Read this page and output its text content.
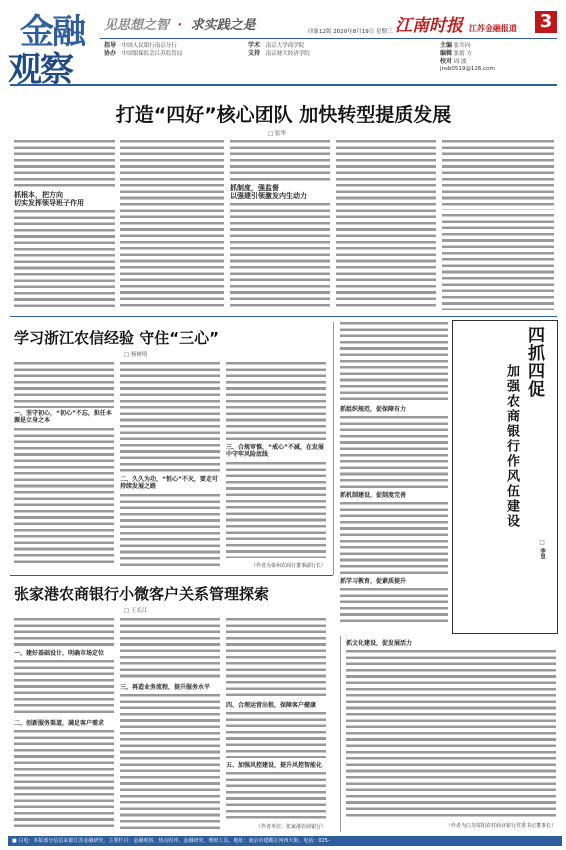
金融
观察
见思想之智 · 求实践之是	印象12版 2020年8月19日 星期三 江南时报 江苏金融报道 3
指导 中国人民银行南京分行
协办 中国银保监会江苏监管局
学术 南京大学商学院
支持 南京财大经济学院
主编 张军向
编辑 张婧 方
校对 周 波
jnsb0519@126.com
打造“四好”核心团队 加快转型提质发展
□ 张华
抓根本，把方向
切实发挥领导班子作用
抓制度，强监督
以强建引领激发内生动力
学习浙江农信经验 守住“三心”
□ 杨树明
一、坚守初心，“初心”不忘，担任本源是立身之本
二、久久为功，“恒心”不灭，要走可持续发展之路
三、合规审慎，“戒心”不减，在发展中守牢风险底线
（作者为泰州农商行董事副行长）
四抓四促
加强农商银行作风伍建设
□ 李昱
抓组织规范，促保障有力
抓机制建设，促制度完善
抓学习教育，促素质提升
抓文化建设，促发展活力
（作者为江苏射阳农村商业银行党委书记董事长）
张家港农商银行小微客户关系管理探索
□ 王长江
一、建好基础设计，明确市场定位
二、创新服务渠道，满足客户需求
三、再造业务流程，提升服务水平
四、合理运营出租，保障客户健康
五、加强风控建设，提升风控智能化
（作者单位：张家港农商银行）
■ 白电：本版部分信息来源江苏金融研究，主要栏目：金融观察、热点时评、金融研究、理财工具，地址：南京市建邺区河西大街，电话：025-
